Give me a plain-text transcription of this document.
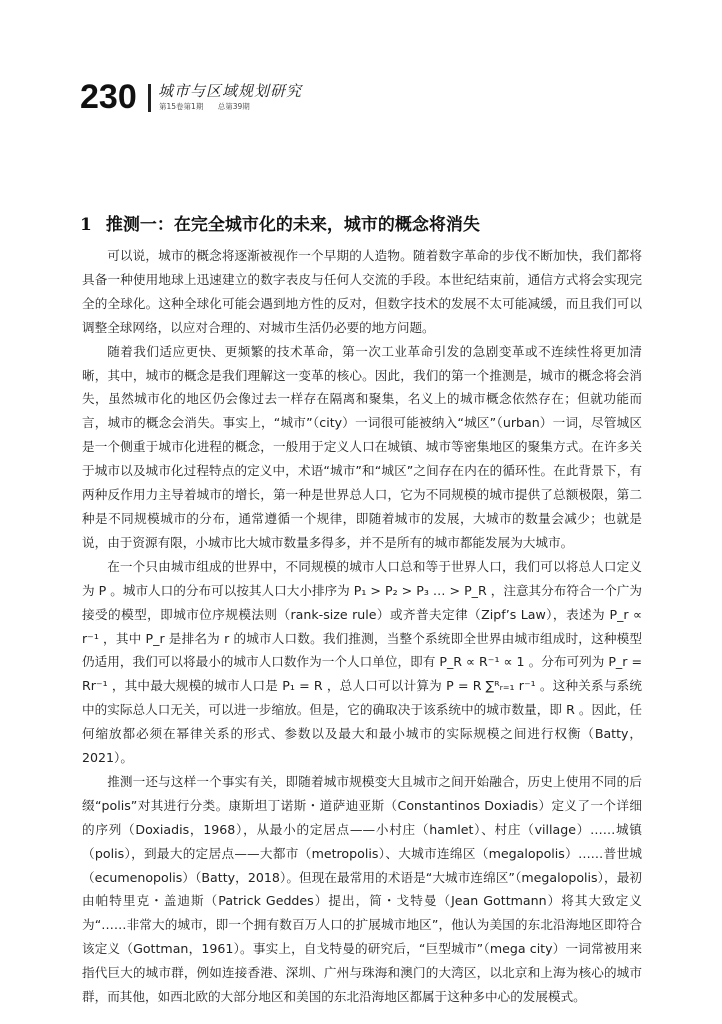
230 城市与区域规划研究
第15卷第1期 总第39期
1 推测一：在完全城市化的未来，城市的概念将消失

可以说，城市的概念将逐渐被视作一个早期的人造物。随着数字革命的步伐不断加快，我们都将具备一种使用地球上迅速建立的数字表皮与任何人交流的手段。本世纪结束前，通信方式将会实现完全的全球化。这种全球化可能会遇到地方性的反对，但数字技术的发展不太可能减缓，而且我们可以调整全球网络，以应对合理的、对城市生活仍必要的地方问题。

随着我们适应更快、更频繁的技术革命，第一次工业革命引发的急剧变革或不连续性将更加清晰，其中，城市的概念是我们理解这一变革的核心。因此，我们的第一个推测是，城市的概念将会消失，虽然城市化的地区仍会像过去一样存在隔离和聚集，名义上的城市概念依然存在；但就功能而言，城市的概念会消失。事实上，“城市”（city）一词很可能被纳入“城区”（urban）一词，尽管城区是一个侧重于城市化进程的概念，一般用于定义人口在城镇、城市等密集地区的聚集方式。在许多关于城市以及城市化过程特点的定义中，术语“城市”和“城区”之间存在内在的循环性。在此背景下，有两种反作用力主导着城市的增长，第一种是世界总人口，它为不同规模的城市提供了总额极限，第二种是不同规模城市的分布，通常遵循一个规律，即随着城市的发展，大城市的数量会减少；也就是说，由于资源有限，小城市比大城市数量多得多，并不是所有的城市都能发展为大城市。

在一个只由城市组成的世界中，不同规模的城市人口总和等于世界人口，我们可以将总人口定义为 P 。城市人口的分布可以按其人口大小排序为 P₁ > P₂ > P₃ … > P_R ，注意其分布符合一个广为接受的模型，即城市位序规模法则（rank-size rule）或齐普夫定律（Zipf’s Law），表述为 P_r ∝ r⁻¹ ，其中 P_r 是排名为 r 的城市人口数。我们推测，当整个系统即全世界由城市组成时，这种模型仍适用，我们可以将最小的城市人口数作为一个人口单位，即有 P_R ∝ R⁻¹ ∝ 1 。分布可列为 P_r = Rr⁻¹ ，其中最大规模的城市人口是 P₁ = R ，总人口可以计算为 P = R ∑ᴿᵣ₌₁ r⁻¹ 。这种关系与系统中的实际总人口无关，可以进一步缩放。但是，它的确取决于该系统中的城市数量，即 R 。因此，任何缩放都必须在幂律关系的形式、参数以及最大和最小城市的实际规模之间进行权衡（Batty，2021）。

推测一还与这样一个事实有关，即随着城市规模变大且城市之间开始融合，历史上使用不同的后缀“polis”对其进行分类。康斯坦丁诺斯・道萨迪亚斯（Constantinos Doxiadis）定义了一个详细的序列（Doxiadis，1968），从最小的定居点——小村庄（hamlet）、村庄（village）……城镇（polis），到最大的定居点——大都市（metropolis）、大城市连绵区（megalopolis）……普世城（ecumenopolis）（Batty，2018）。但现在最常用的术语是“大城市连绵区”（megalopolis），最初由帕特里克・盖迪斯（Patrick Geddes）提出，简・戈特曼（Jean Gottmann）将其大致定义为“……非常大的城市，即一个拥有数百万人口的扩展城市地区”，他认为美国的东北沿海地区即符合该定义（Gottman，1961）。事实上，自戈特曼的研究后，“巨型城市”（mega city）一词常被用来指代巨大的城市群，例如连接香港、深圳、广州与珠海和澳门的大湾区，以北京和上海为核心的城市群，而其他，如西北欧的大部分地区和美国的东北沿海地区都属于这种多中心的发展模式。
